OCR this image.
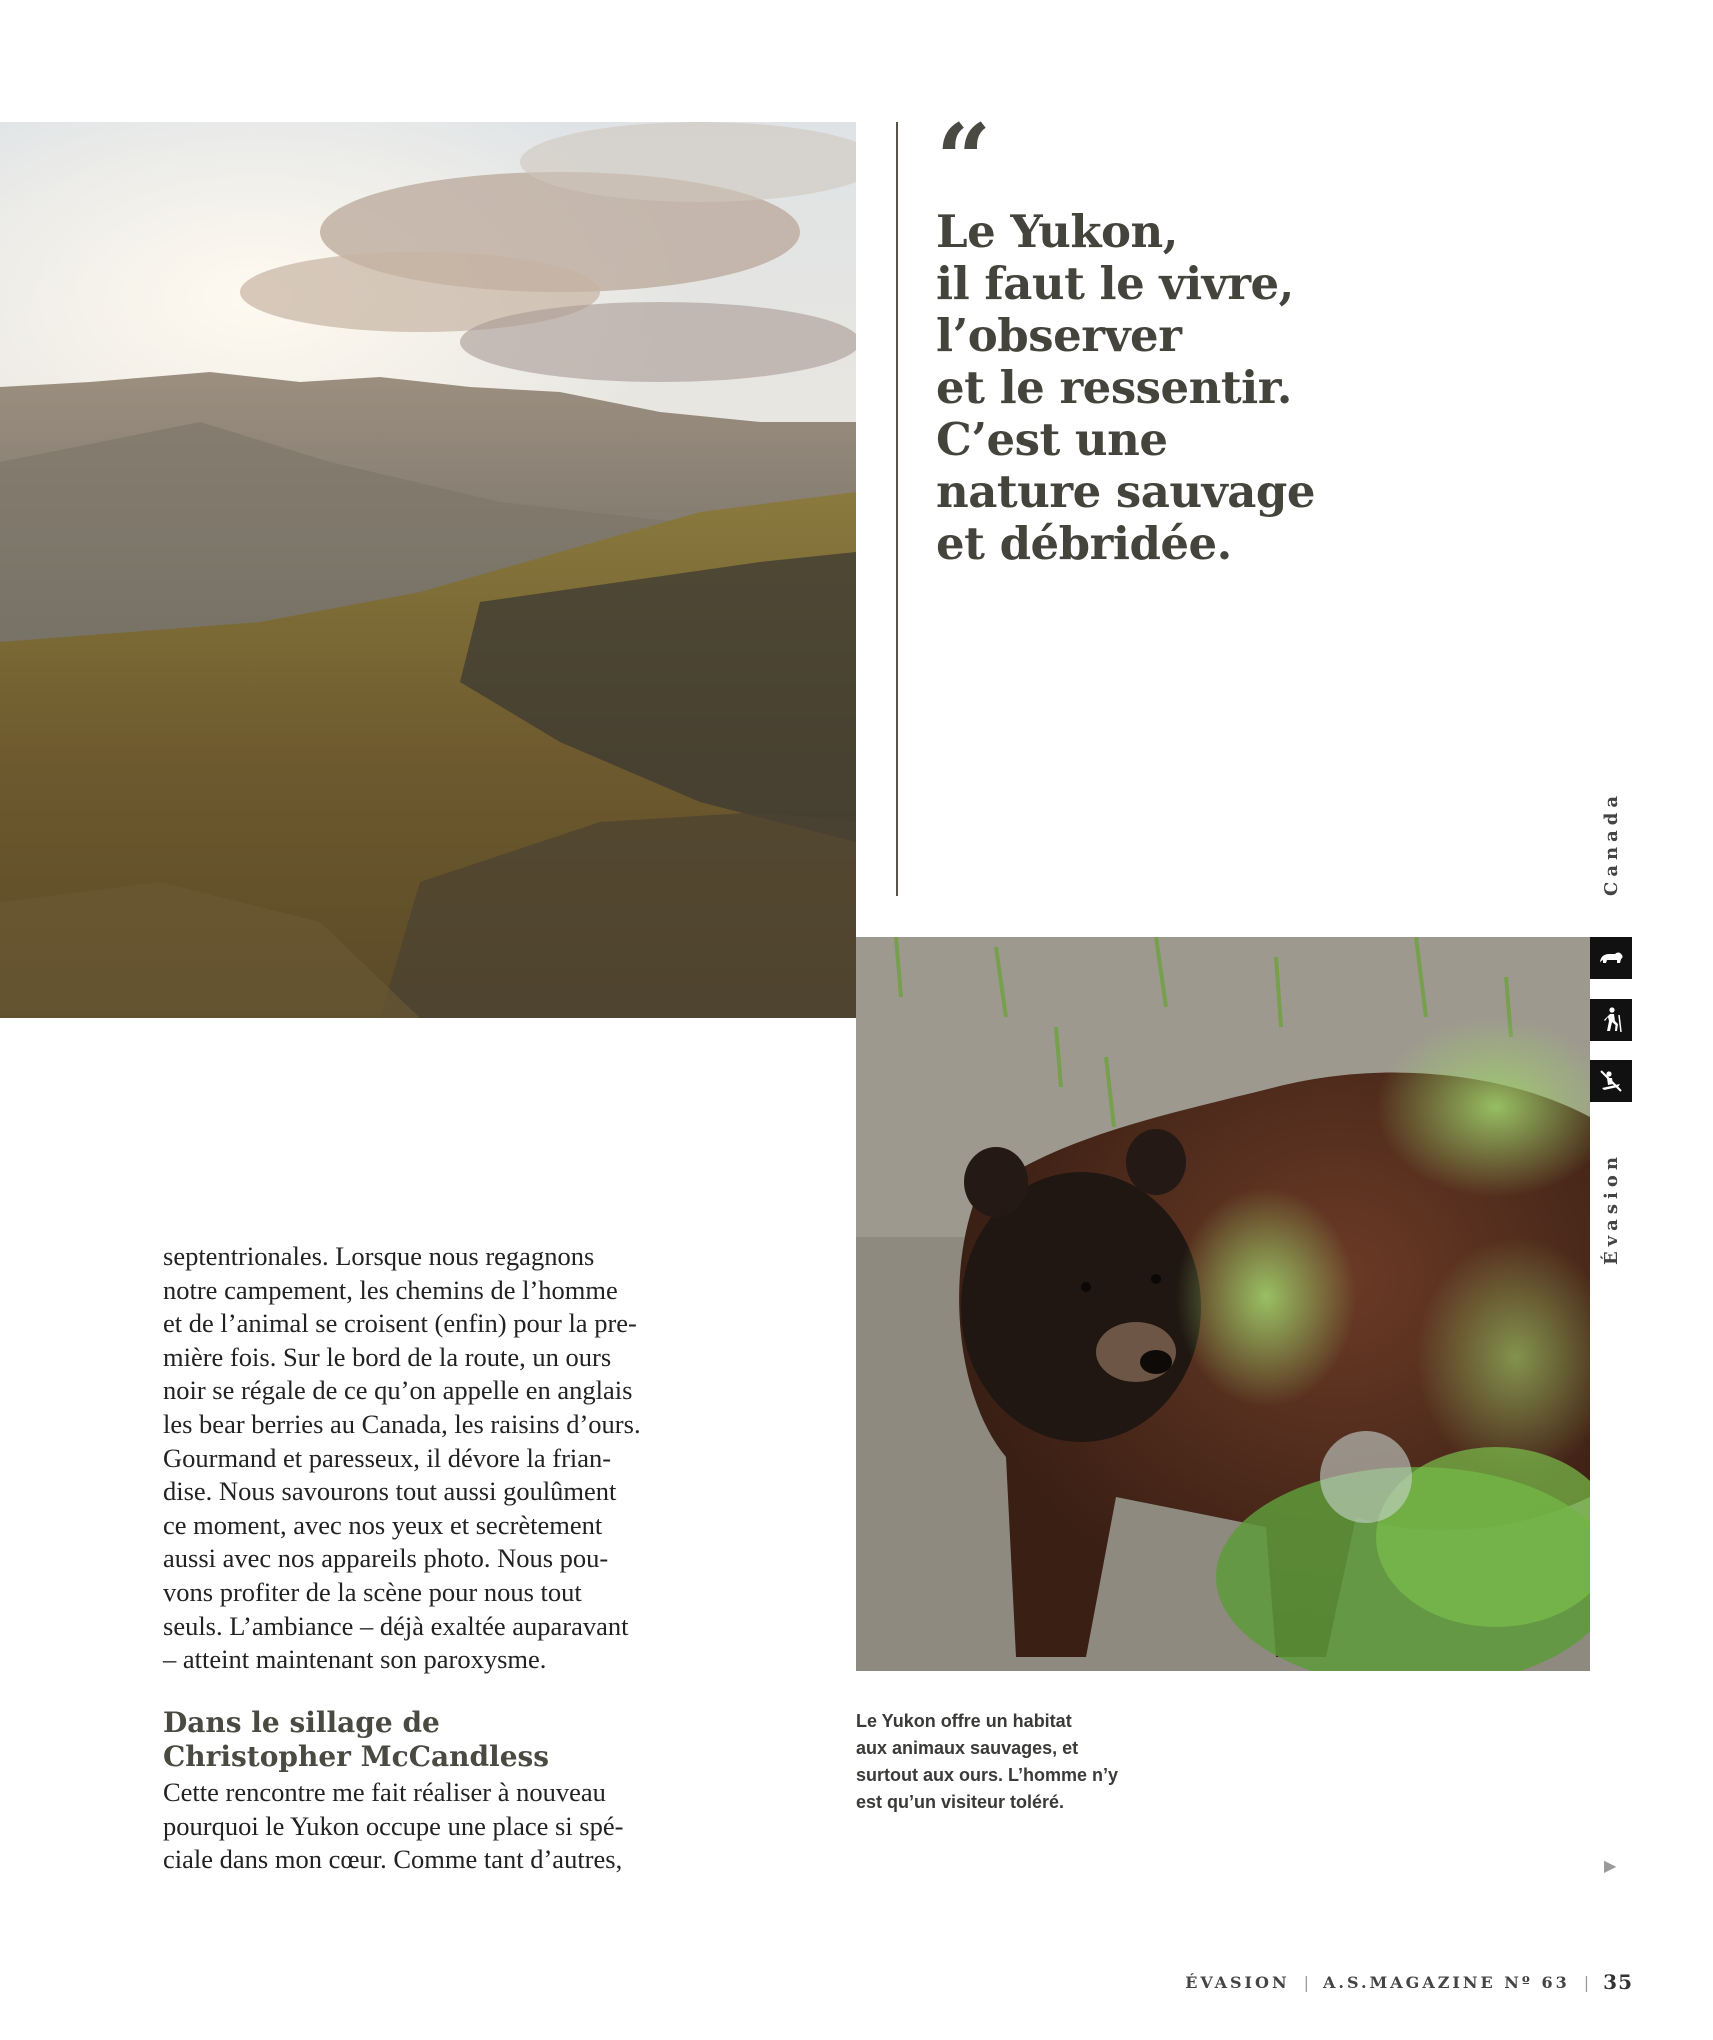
“
Le Yukon,
il faut le vivre,
l’observer
et le ressentir.
C’est une
nature sauvage
et débridée.
Canada
Évasion
septentrionales. Lorsque nous regagnons
notre campement, les chemins de l’homme
et de l’animal se croisent (enfin) pour la pre-
mière fois. Sur le bord de la route, un ours
noir se régale de ce qu’on appelle en anglais
les bear berries au Canada, les raisins d’ours.
Gourmand et paresseux, il dévore la frian-
dise. Nous savourons tout aussi goulûment
ce moment, avec nos yeux et secrètement
aussi avec nos appareils photo. Nous pou-
vons profiter de la scène pour nous tout
seuls. L’ambiance – déjà exaltée auparavant
– atteint maintenant son paroxysme.
Dans le sillage de
Christopher McCandless
Cette rencontre me fait réaliser à nouveau
pourquoi le Yukon occupe une place si spé-
ciale dans mon cœur. Comme tant d’autres,
Le Yukon offre un habitat
aux animaux sauvages, et
surtout aux ours. L’homme n’y
est qu’un visiteur toléré.
▶
ÉVASION | A.S.MAGAZINE Nº 63 | 35
